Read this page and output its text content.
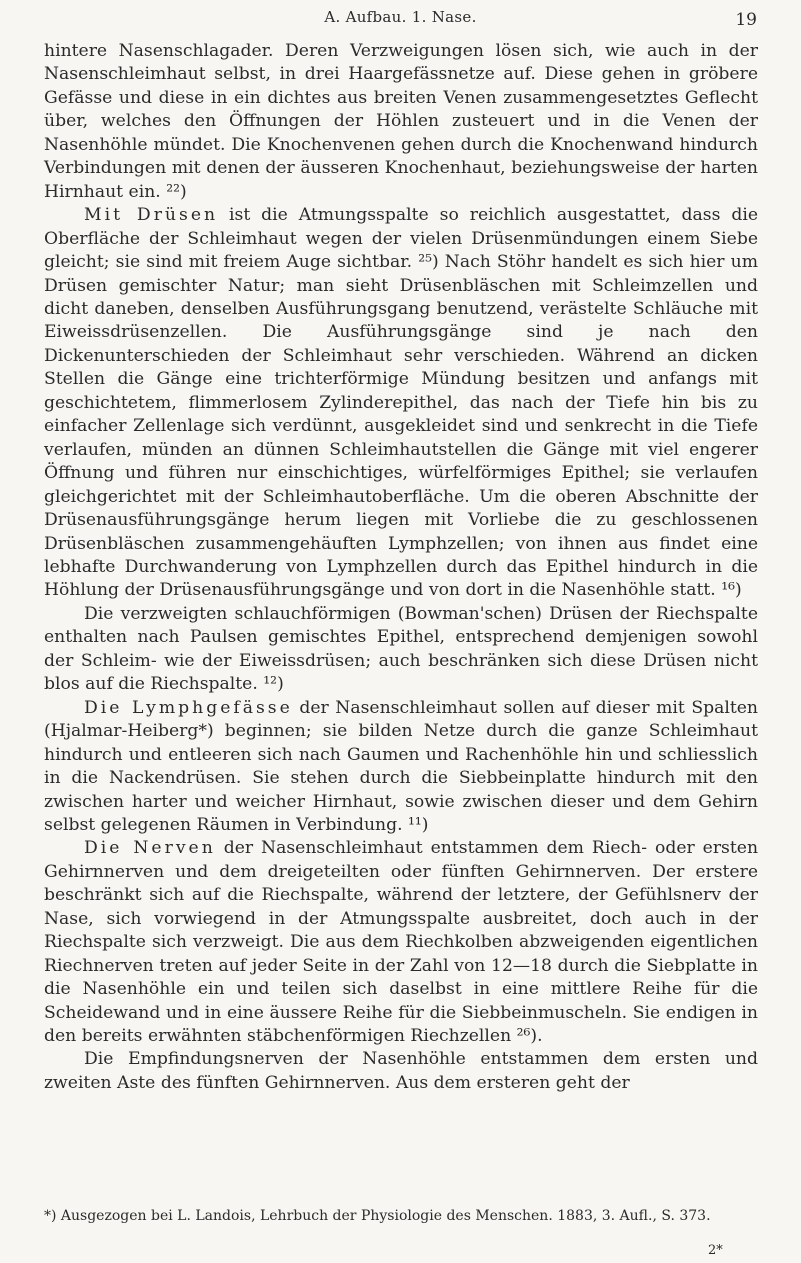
A. Aufbau. 1. Nase.	19

hintere Nasenschlagader. Deren Verzweigungen lösen sich, wie auch in der Nasenschleimhaut selbst, in drei Haargefässnetze auf. Diese gehen in gröbere Gefässe und diese in ein dichtes aus breiten Venen zusammengesetztes Geflecht über, welches den Öffnungen der Höhlen zusteuert und in die Venen der Nasenhöhle mündet. Die Knochenvenen gehen durch die Knochenwand hindurch Verbindungen mit denen der äusseren Knochenhaut, beziehungsweise der harten Hirnhaut ein. ²²)

Mit Drüsen ist die Atmungsspalte so reichlich ausgestattet, dass die Oberfläche der Schleimhaut wegen der vielen Drüsenmündungen einem Siebe gleicht; sie sind mit freiem Auge sichtbar. ²⁵) Nach Stöhr handelt es sich hier um Drüsen gemischter Natur; man sieht Drüsenbläschen mit Schleimzellen und dicht daneben, denselben Ausführungsgang benutzend, verästelte Schläuche mit Eiweissdrüsenzellen. Die Ausführungsgänge sind je nach den Dickenunterschieden der Schleimhaut sehr verschieden. Während an dicken Stellen die Gänge eine trichterförmige Mündung besitzen und anfangs mit geschichtetem, flimmerlosem Zylinderepithel, das nach der Tiefe hin bis zu einfacher Zellenlage sich verdünnt, ausgekleidet sind und senkrecht in die Tiefe verlaufen, münden an dünnen Schleimhautstellen die Gänge mit viel engerer Öffnung und führen nur einschichtiges, würfelförmiges Epithel; sie verlaufen gleichgerichtet mit der Schleimhautoberfläche. Um die oberen Abschnitte der Drüsenausführungsgänge herum liegen mit Vorliebe die zu geschlossenen Drüsenbläschen zusammengehäuften Lymphzellen; von ihnen aus findet eine lebhafte Durchwanderung von Lymphzellen durch das Epithel hindurch in die Höhlung der Drüsenausführungsgänge und von dort in die Nasenhöhle statt. ¹⁶)

Die verzweigten schlauchförmigen (Bowman'schen) Drüsen der Riechspalte enthalten nach Paulsen gemischtes Epithel, entsprechend demjenigen sowohl der Schleim- wie der Eiweissdrüsen; auch beschränken sich diese Drüsen nicht blos auf die Riechspalte. ¹²)

Die Lymphgefässe der Nasenschleimhaut sollen auf dieser mit Spalten (Hjalmar-Heiberg*) beginnen; sie bilden Netze durch die ganze Schleimhaut hindurch und entleeren sich nach Gaumen und Rachenhöhle hin und schliesslich in die Nackendrüsen. Sie stehen durch die Siebbeinplatte hindurch mit den zwischen harter und weicher Hirnhaut, sowie zwischen dieser und dem Gehirn selbst gelegenen Räumen in Verbindung. ¹¹)

Die Nerven der Nasenschleimhaut entstammen dem Riech- oder ersten Gehirnnerven und dem dreigeteilten oder fünften Gehirnnerven. Der erstere beschränkt sich auf die Riechspalte, während der letztere, der Gefühlsnerv der Nase, sich vorwiegend in der Atmungsspalte ausbreitet, doch auch in der Riechspalte sich verzweigt. Die aus dem Riechkolben abzweigenden eigentlichen Riechnerven treten auf jeder Seite in der Zahl von 12—18 durch die Siebplatte in die Nasenhöhle ein und teilen sich daselbst in eine mittlere Reihe für die Scheidewand und in eine äussere Reihe für die Siebbeinmuscheln. Sie endigen in den bereits erwähnten stäbchenförmigen Riechzellen ²⁶).

Die Empfindungsnerven der Nasenhöhle entstammen dem ersten und zweiten Aste des fünften Gehirnnerven. Aus dem ersteren geht der

*) Ausgezogen bei L. Landois, Lehrbuch der Physiologie des Menschen. 1883, 3. Aufl., S. 373.
2*
